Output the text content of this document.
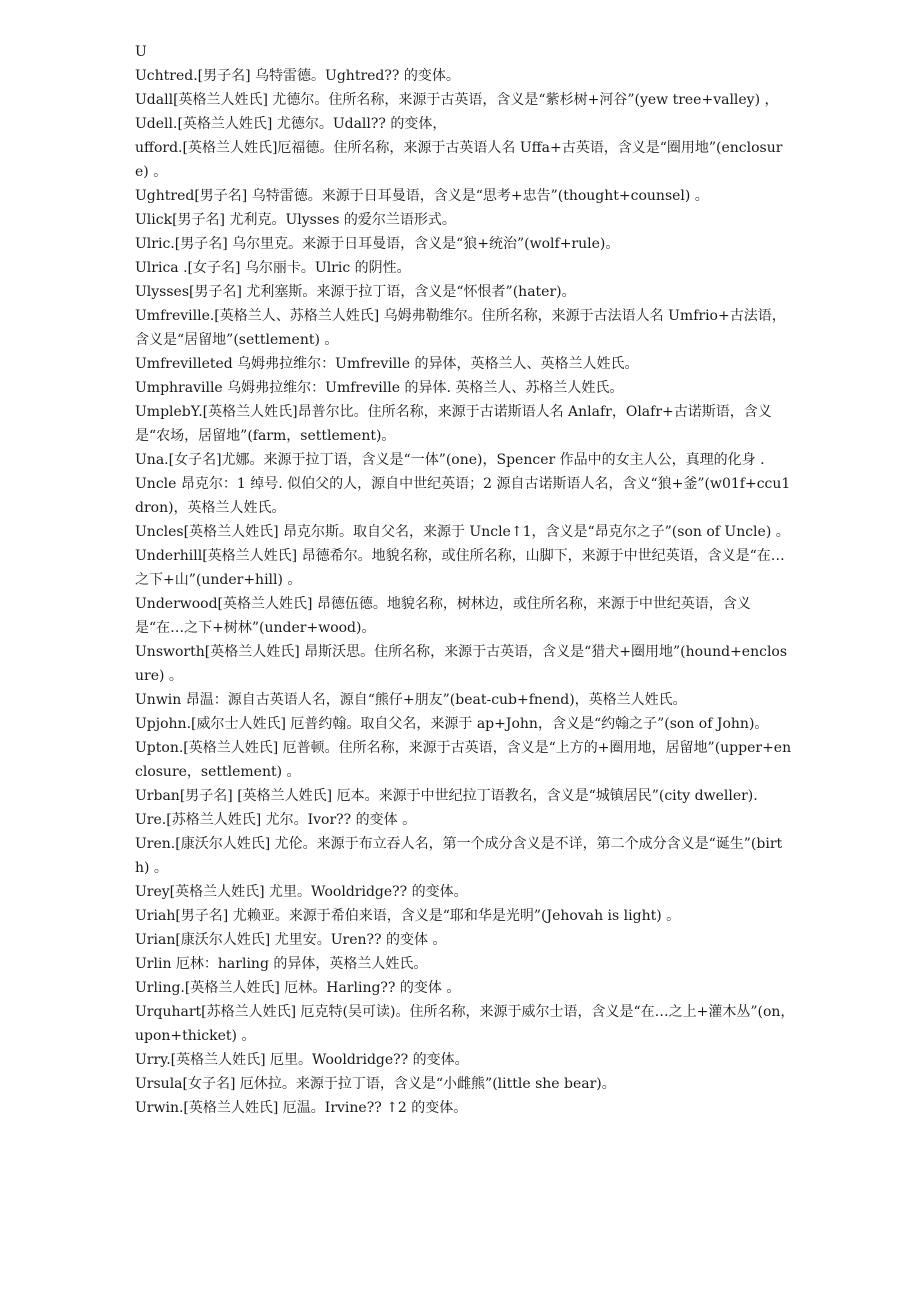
U

Uchtred.[男子名] 乌特雷德。Ughtred?? 的变体。

Udall[英格兰人姓氏] 尤德尔。住所名称，来源于古英语，含义是“紫杉树+河谷”(yew tree+valley) ，

Udell.[英格兰人姓氏] 尤德尔。Udall?? 的变体，

ufford.[英格兰人姓氏]厄福德。住所名称，来源于古英语人名 Uffa+古英语，含义是“圈用地”(enclosure) 。

Ughtred[男子名] 乌特雷德。来源于日耳曼语，含义是“思考+忠告”(thought+counsel) 。

Ulick[男子名] 尤利克。Ulysses 的爱尔兰语形式。

Ulric.[男子名] 乌尔里克。来源于日耳曼语，含义是“狼+统治”(wolf+rule)。

Ulrica .[女子名] 乌尔丽卡。Ulric 的阴性。

Ulysses[男子名] 尤利塞斯。来源于拉丁语，含义是“怀恨者”(hater)。

Umfreville.[英格兰人、苏格兰人姓氏] 乌姆弗勒维尔。住所名称，来源于古法语人名 Umfrio+古法语，含义是“居留地”(settlement) 。

Umfrevilleted 乌姆弗拉维尔：Umfreville 的异体，英格兰人、英格兰人姓氏。

Umphraville 乌姆弗拉维尔：Umfreville 的异体. 英格兰人、苏格兰人姓氏。

UmplebY.[英格兰人姓氏]昂普尔比。住所名称，来源于古诺斯语人名 Anlafr，Olafr+古诺斯语，含义是“农场，居留地”(farm，settlement)。

Una.[女子名]尤娜。来源于拉丁语，含义是“一体”(one)，Spencer 作品中的女主人公，真理的化身 .

Uncle 昂克尔：1 绰号. 似伯父的人，源自中世纪英语；2 源自古诺斯语人名，含义“狼+釜”(w01f+ccu1dron)，英格兰人姓氏。

Uncles[英格兰人姓氏] 昂克尔斯。取自父名，来源于 Uncle↑1，含义是“昂克尔之子”(son of Uncle) 。

Underhill[英格兰人姓氏] 昂德希尔。地貌名称，或住所名称，山脚下，来源于中世纪英语，含义是“在…之下+山”(under+hill) 。

Underwood[英格兰人姓氏] 昂德伍德。地貌名称，树林边，或住所名称，来源于中世纪英语，含义是“在…之下+树林”(under+wood)。

Unsworth[英格兰人姓氏] 昂斯沃思。住所名称，来源于古英语，含义是“猎犬+圈用地”(hound+enclosure) 。

Unwin 昂温：源自古英语人名，源自“熊仔+朋友”(beat-cub+fnend)，英格兰人姓氏。

Upjohn.[威尔士人姓氏] 厄普约翰。取自父名，来源于 ap+John，含义是“约翰之子”(son of John)。

Upton.[英格兰人姓氏] 厄普顿。住所名称，来源于古英语，含义是“上方的+圈用地，居留地”(upper+enclosure，settlement) 。

Urban[男子名] [英格兰人姓氏] 厄本。来源于中世纪拉丁语教名，含义是“城镇居民”(city dweller).

Ure.[苏格兰人姓氏] 尤尔。Ivor?? 的变体 。

Uren.[康沃尔人姓氏] 尤伦。来源于布立吞人名，第一个成分含义是不详，第二个成分含义是“诞生”(birth) 。

Urey[英格兰人姓氏] 尤里。Wooldridge?? 的变体。

Uriah[男子名] 尤赖亚。来源于希伯来语，含义是“耶和华是光明”(Jehovah is light) 。

Urian[康沃尔人姓氏] 尤里安。Uren?? 的变体 。

Urlin 厄林：harling 的异体，英格兰人姓氏。

Urling.[英格兰人姓氏] 厄林。Harling?? 的变体 。

Urquhart[苏格兰人姓氏] 厄克特(吴可读)。住所名称，来源于威尔士语，含义是“在…之上+灌木丛”(on，upon+thicket) 。

Urry.[英格兰人姓氏] 厄里。Wooldridge?? 的变体。

Ursula[女子名] 厄休拉。来源于拉丁语，含义是“小雌熊”(little she bear)。

Urwin.[英格兰人姓氏] 厄温。Irvine?? ↑2 的变体。
